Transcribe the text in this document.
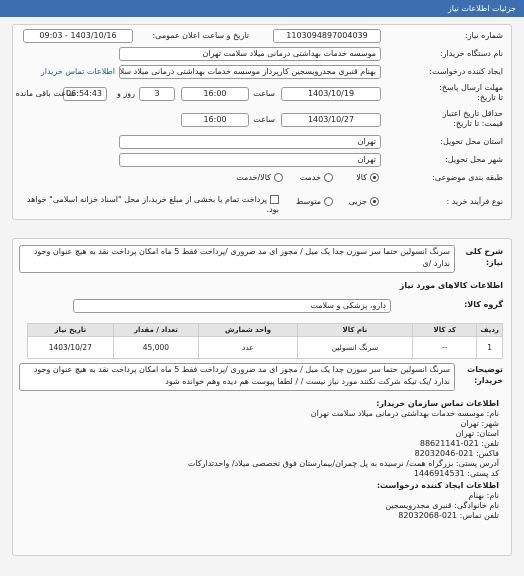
جزئیات اطلاعات نیاز
شماره نیاز:
1103094897004039
تاریخ و ساعت اعلان عمومی:
1403/10/16 - 09:03
نام دستگاه خریدار:
موسسه خدمات بهداشتی درمانی میلاد سلامت تهران
ایجاد کننده درخواست:
بهنام قنبری مجدرویسجین کارپرداز موسسه خدمات بهداشتی درمانی میلاد سلا
اطلاعات تماس خریدار
مهلت ارسال پاسخ:
تا تاریخ:
1403/10/19
ساعت
16:00
3
روز و
06:54:43
ساعت باقی مانده
حداقل تاریخ اعتبار
قیمت: تا تاریخ:
1403/10/27
ساعت
16:00
استان محل تحویل:
تهران
شهر محل تحویل:
تهران
طبقه بندی موضوعی:
کالا
خدمت
کالا/خدمت
نوع فرآیند خرید :
جزیی
متوسط
پرداخت تمام یا بخشی از مبلغ خرید،از محل "اسناد خزانه اسلامی" خواهد بود.
شرح کلی
نیاز:
سرنگ انسولین حتما سر سوزن جدا یک میل / مجوز ای مد ضروری /پرداخت فقط 5 ماه امکان پرداخت نقد به هیچ عنوان وجود ندارد /ی
اطلاعات کالاهای مورد نیاز
گروه کالا:
دارو، پزشکی و سلامت
ردیف	کد کالا	نام کالا	واحد شمارش	تعداد / مقدار	تاریخ نیاز
1	--	سرنگ انسولین	عدد	45,000	1403/10/27
توضیحات
خریدار:
سرنگ انسولین حتما سر سوزن جدا یک میل / مجوز ای مد ضروری /پرداخت فقط 5 ماه امکان پرداخت نقد به هیچ عنوان وجود ندارد /یک تیکه شرکت نکنند مورد نیاز نیست / / لطفا پیوست هم دیده وهم خوانده شود
اطلاعات تماس سازمان خریدار:
نام: موسسه خدمات بهداشتی درمانی میلاد سلامت تهران
شهر: تهران
استان: تهران
تلفن: 021-88621141
فاکس: 021-82032046
آدرس پستی: بزرگراه همت/ نرسیده به پل چمران/بیمارستان فوق تخصصی میلاد/ واحدتدارکات
کد پستی: 1446914531
اطلاعات ایجاد کننده درخواست:
نام: بهنام
نام خانوادگی: قنبری مجدرویسجین
تلفن تماس: 021-82032068
